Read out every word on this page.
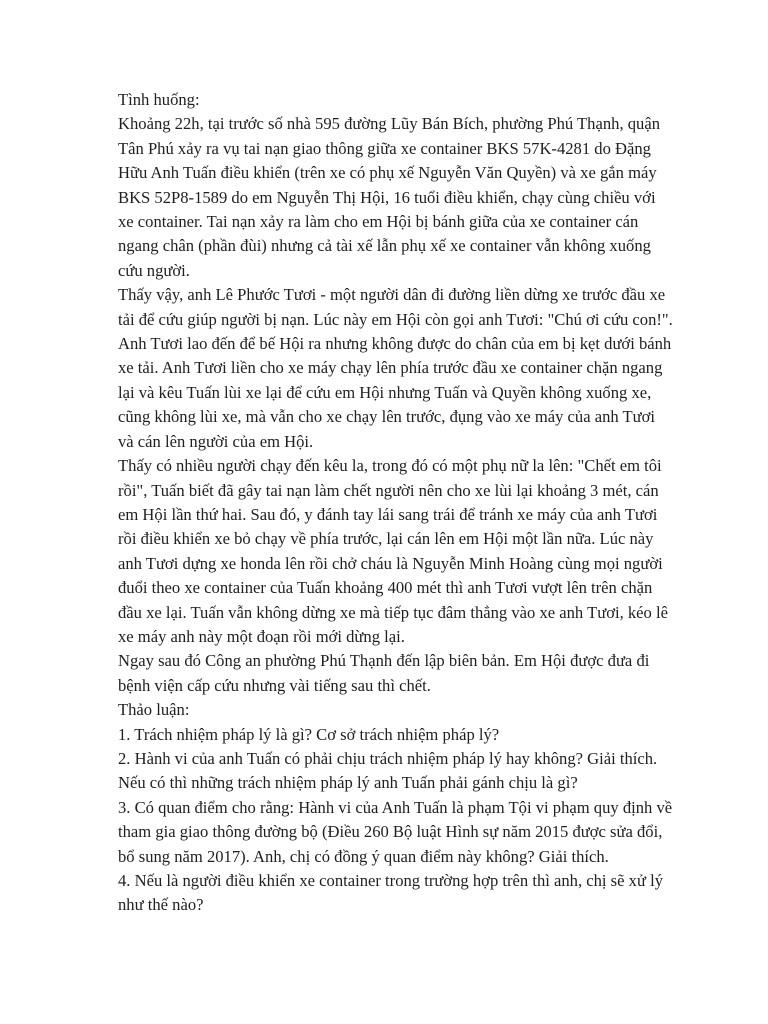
Tình huống:

Khoảng 22h, tại trước số nhà 595 đường Lũy Bán Bích, phường Phú Thạnh, quận Tân Phú xảy ra vụ tai nạn giao thông giữa xe container BKS 57K-4281 do Đặng Hữu Anh Tuấn điều khiển (trên xe có phụ xế Nguyễn Văn Quyền) và xe gắn máy BKS 52P8-1589 do em Nguyễn Thị Hội, 16 tuổi điều khiển, chạy cùng chiều với xe container. Tai nạn xảy ra làm cho em Hội bị bánh giữa của xe container cán ngang chân (phần đùi) nhưng cả tài xế lẫn phụ xế xe container vẫn không xuống cứu người.

Thấy vậy, anh Lê Phước Tươi - một người dân đi đường liền dừng xe trước đầu xe tải để cứu giúp người bị nạn. Lúc này em Hội còn gọi anh Tươi: "Chú ơi cứu con!". Anh Tươi lao đến để bế Hội ra nhưng không được do chân của em bị kẹt dưới bánh xe tải. Anh Tươi liền cho xe máy chạy lên phía trước đầu xe container chặn ngang lại và kêu Tuấn lùi xe lại để cứu em Hội nhưng Tuấn và Quyền không xuống xe, cũng không lùi xe, mà vẫn cho xe chạy lên trước, đụng vào xe máy của anh Tươi và cán lên người của em Hội.

Thấy có nhiều người chạy đến kêu la, trong đó có một phụ nữ la lên: "Chết em tôi rồi", Tuấn biết đã gây tai nạn làm chết người nên cho xe lùi lại khoảng 3 mét, cán em Hội lần thứ hai. Sau đó, y đánh tay lái sang trái để tránh xe máy của anh Tươi rồi điều khiển xe bỏ chạy về phía trước, lại cán lên em Hội một lần nữa. Lúc này anh Tươi dựng xe honda lên rồi chở cháu là Nguyễn Minh Hoàng cùng mọi người đuổi theo xe container của Tuấn khoảng 400 mét thì anh Tươi vượt lên trên chặn đầu xe lại. Tuấn vẫn không dừng xe mà tiếp tục đâm thẳng vào xe anh Tươi, kéo lê xe máy anh này một đoạn rồi mới dừng lại.

Ngay sau đó Công an phường Phú Thạnh đến lập biên bản. Em Hội được đưa đi bệnh viện cấp cứu nhưng vài tiếng sau thì chết.

Thảo luận:

1. Trách nhiệm pháp lý là gì? Cơ sở trách nhiệm pháp lý?

2. Hành vi của anh Tuấn có phải chịu trách nhiệm pháp lý hay không? Giải thích. Nếu có thì những trách nhiệm pháp lý anh Tuấn phải gánh chịu là gì?

3. Có quan điểm cho rằng: Hành vi của Anh Tuấn là phạm Tội vi phạm quy định về tham gia giao thông đường bộ (Điều 260 Bộ luật Hình sự năm 2015 được sửa đổi, bổ sung năm 2017). Anh, chị có đồng ý quan điểm này không? Giải thích.

4. Nếu là người điều khiển xe container trong trường hợp trên thì anh, chị sẽ xử lý như thế nào?
